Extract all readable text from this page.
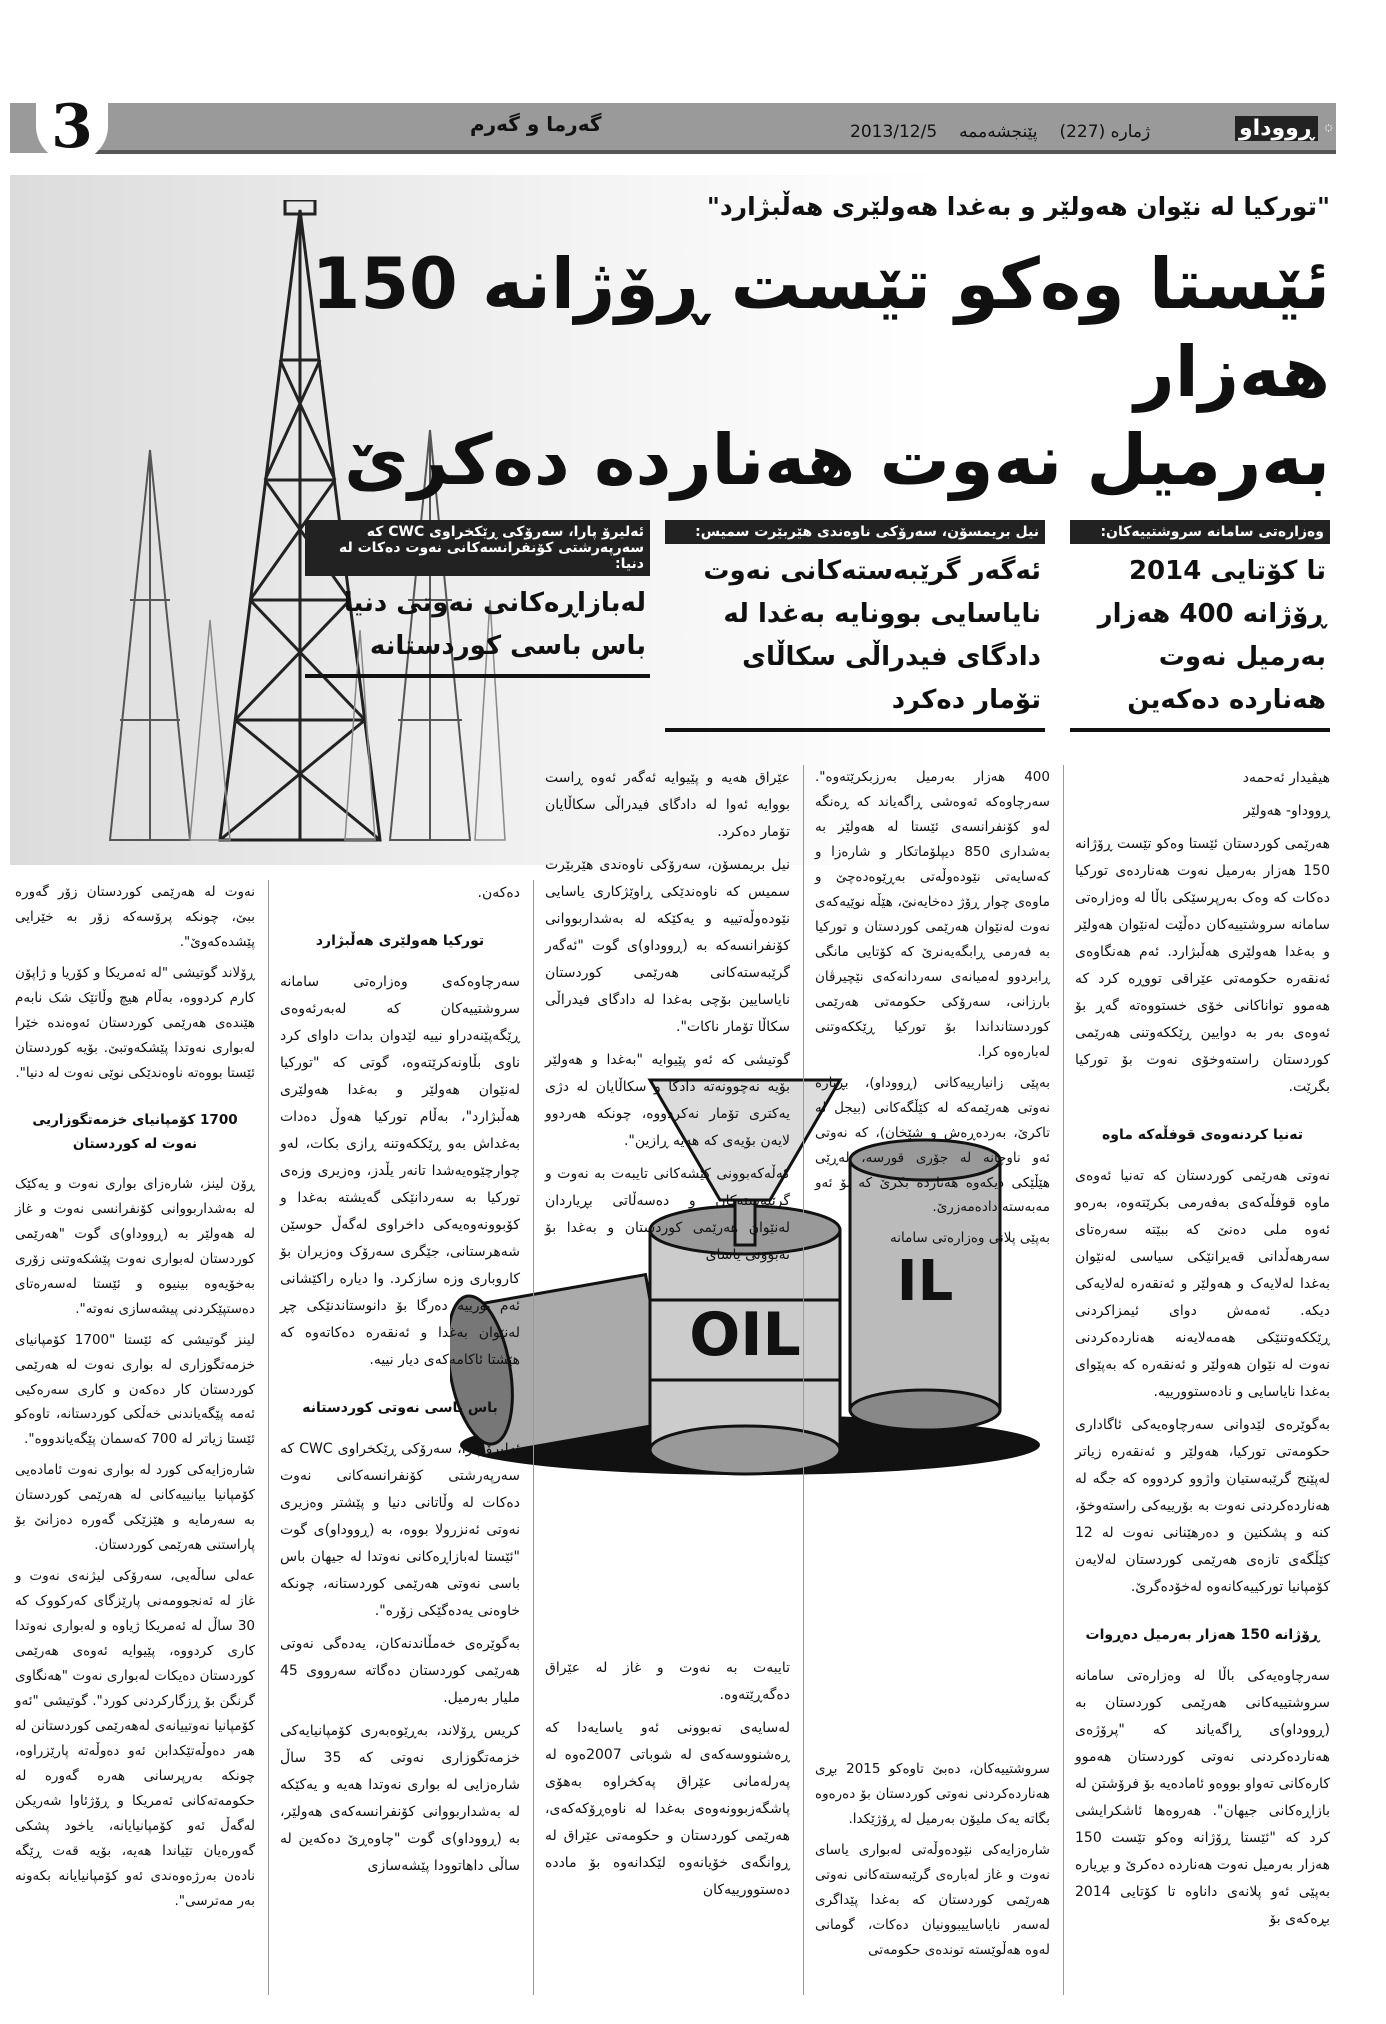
3	گەرما و گەرم	ژمارە (227)
پێنجشەممە
2013/12/5	ڕووداو
"تورکیا لە نێوان هەولێر و بەغدا هەولێری هەڵبژارد"
ئێستا وەکو تێست ڕۆژانە 150 هەزار
بەرمیل نەوت هەنارده دەکرێ
وەزارەتی سامانە سروشتییەکان:
تا کۆتایی 2014 ڕۆژانە 400 هەزار بەرمیل نەوت هەنارده دەکەین
نیل بریمسۆن، سەرۆکی ناوەندی هێربێرت سمیس:
ئەگەر گرێبەستەکانی نەوت نایاسایی بوونایە بەغدا لە دادگای فیدراڵی سکاڵای تۆمار دەکرد
ئەلیرۆ پارا، سەرۆکی ڕێکخراوی CWC کە سەرپەرشتی کۆنفرانسەکانی نەوت دەکات لە دنیا:
لەبازاڕەکانی نەوتی دنیا باس باسی کوردستانە
OIL
IL

هیڤیدار ئەحمەد

ڕووداو- هەولێر

هەرێمی کوردستان ئێستا وەکو تێست ڕۆژانە 150 هەزار بەرمیل نەوت هەنارده‌ی تورکیا دەکات کە وەک بەرپرسێکی باڵا لە وەزارەتی سامانە سروشتییەکان دەڵێت لەنێوان هەولێر و بەغدا هەولێری هەڵبژارد. ئەم هەنگاوەی ئەنقەرە حکومەتی عێراقی تووڕە کرد کە هەموو تواناکانی خۆی خستووەتە گەڕ بۆ ئەوەی بەر بە دوایین ڕێککەوتنی هەرێمی کوردستان راستەوخۆی نەوت بۆ تورکیا بگرێت.

تەنیا کردنەوەی قوفڵەکە ماوە

نەوتی هەرێمی کوردستان کە تەنیا ئەوەی ماوە قوفڵەکەی بەفەرمی بکرێتەوە، بەرەو ئەوە ملی دەنێ کە ببێتە سەرەتای سەرهەڵدانی قەیرانێکی سیاسی لەنێوان بەغدا لەلایەک و هەولێر و ئەنقەرە لەلایەکی دیکە. ئەمەش دوای ئیمزاکردنی ڕێککەوتنێکی هەمەلایەنە هەنارده‌کردنی نەوت لە نێوان هەولێر و ئەنقەرە کە بەپێوای بەغدا نایاسایی و نادەستوورییە.

بەگوێرەی لێدوانی سەرچاوەیەکی ئاگاداری حکومەتی تورکیا، هەولێر و ئەنقەرە زیاتر لەپێنج گرێبەستیان واژوو کردووە کە جگە لە هەنارده‌کردنی نەوت بە بۆرییەکی راستەوخۆ، کنە و پشکنین و دەرهێنانی نەوت لە 12 کێڵگەی تازەی هەرێمی کوردستان لەلایەن کۆمپانیا تورکییەکانەوە لەخۆدەگرێ.

ڕۆژانە 150 هەزار بەرمیل دەڕوات

سەرچاوەیەکی باڵا لە وەزارەتی سامانە سروشتییەکانی هەرێمی کوردستان بە (ڕووداو)ی ڕاگەیاند کە "پرۆژەی هەنارده‌کردنی نەوتی کوردستان هەموو کارەکانی تەواو بووەو ئامادەیە بۆ فرۆشتن لە بازاڕەکانی جیهان". هەروەها ئاشکرایشی کرد کە "ئێستا ڕۆژانە وەکو تێست 150 هەزار بەرمیل نەوت هەنارده دەکرێ و بڕیارە بەپێی ئەو پلانەی داناوە تا کۆتایی 2014 بڕەکەی بۆ

400 هەزار بەرمیل بەرزبکرێتەوە". سەرچاوەکە ئەوەشی ڕاگەیاند کە ڕەنگە لەو کۆنفرانسەی ئێستا لە هەولێر بە بەشداری 850 دیپلۆماتکار و شارەزا و کەسایەتی نێودەوڵەتی بەڕێوەدەچێ و ماوەی چوار ڕۆژ دەخایەنێ، هێڵە نوێیەکەی نەوت لەنێوان هەرێمی کوردستان و تورکیا بە فەرمی ڕابگەیەنرێ کە کۆتایی مانگی ڕابردوو لەمیانەی سەردانەکەی نێچیرڤان بارزانی، سەرۆکی حکومەتی هەرێمی کوردستانداندا بۆ تورکیا ڕێککەوتنی لەبارەوە کرا.

بەپێی زانیارییەکانی (ڕووداو)، بڕیارە نەوتی هەرێمەکە لە کێڵگەکانی (بیجل لە تاکرێ، بەردەڕەش و شێخان)، کە نەوتی ئەو ناوچانە لە جۆری قورسە، لەڕێی هێڵێکی دیکەوە هەنارده بکرێ کە بۆ ئەو مەبەستە دادەمەزرێ.

بەپێی پلانی وەزارەتی سامانە

سروشتییەکان، دەبێ تاوەکو 2015 بڕی هەنارده‌کردنی نەوتی کوردستان بۆ دەرەوە بگاتە یەک ملیۆن بەرمیل لە ڕۆژێکدا.

شارەزایەکی نێودەوڵەتی لەبواری یاسای نەوت و غاز لەبارەی گرێبەستەکانی نەوتی هەرێمی کوردستان کە بەغدا پێداگری لەسەر نایاساییبوونیان دەکات، گومانی لەوە هەڵوێستە توندەی حکومەتی

عێراق هەیە و پێیوایە ئەگەر ئەوە ڕاست بووایە ئەوا لە دادگای فیدراڵی سکاڵایان تۆمار دەکرد.

نیل بریمسۆن، سەرۆکی ناوەندی هێربێرت سمیس کە ناوەندێکی ڕاوێژکاری یاسایی نێودەوڵەتییە و یەکێکە لە بەشداربووانی کۆنفرانسەکە بە (ڕووداو)ی گوت "ئەگەر گرێبەستەکانی هەرێمی کوردستان نایاسایین بۆچی بەغدا لە دادگای فیدراڵی سکاڵا تۆمار ناکات".

گوتیشی کە ئەو پێیوایە "بەغدا و هەولێر بۆیە نەچوونەتە دادگا و سکاڵایان لە دژی یەکتری تۆمار نەکردووە، چونکە هەردوو لایەن بۆیەی کە هەیە ڕازین".

کەڵەکەبوونی کێشەکانی تایبەت بە نەوت و گرێبەستەکان و دەسەڵاتی بڕیاردان لەنێوان هەرێمی کوردستان و بەغدا بۆ نەبوونی یاسای

تایبەت بە نەوت و غاز لە عێراق دەگەڕێتەوە.

لەسایەی نەبوونی ئەو یاسایەدا کە ڕەشنووسەکەی لە شوباتی 2007ەوە لە پەرلەمانی عێراق پەکخراوە بەهۆی پاشگەزبوونەوەی بەغدا لە ناوەڕۆکەکەی، هەرێمی کوردستان و حکومەتی عێراق لە ڕوانگەی خۆیانەوە لێکدانەوە بۆ ماددە دەستوورییەکان

دەکەن.

تورکیا هەولێری هەڵبژارد

سەرچاوەکەی وەزارەتی سامانە سروشتییەکان کە لەبەرئەوەی ڕێگەپێنەدراو نییە لێدوان بدات داوای کرد ناوی بڵاونەکرێتەوە، گوتی کە "تورکیا لەنێوان هەولێر و بەغدا هەولێری هەڵبژارد"، بەڵام تورکیا هەوڵ دەدات بەغداش بەو ڕێککەوتنە ڕازی بکات، لەو چوارچێوەیەشدا تانەر یڵدز، وەزیری وزەی تورکیا بە سەردانێکی گەیشتە بەغدا و کۆبوونەوەیەکی داخراوی لەگەڵ حوسێن شەهرستانی، جێگری سەرۆک وەزیران بۆ کاروباری وزە سازکرد. وا دیارە راکێشانی ئەم بۆرییە دەرگا بۆ دانوستاندنێکی چڕ لەنێوان بەغدا و ئەنقەرە دەکاتەوە کە هێشتا ئاکامەکەی دیار نییە.

باس باسی نەوتی کوردستانە

ئەلیرۆ پارا، سەرۆکی ڕێکخراوی CWC کە سەرپەرشتی کۆنفرانسەکانی نەوت دەکات لە وڵاتانی دنیا و پێشتر وەزیری نەوتی ئەنزرولا بووە، بە (ڕووداو)ی گوت "ئێستا لەبازاڕەکانی نەوتدا لە جیهان باس باسی نەوتی هەرێمی کوردستانە، چونکە خاوەنی یەدەگێکی زۆرە".

بەگوێرەی خەمڵاندنەکان، یەدەگی نەوتی هەرێمی کوردستان دەگاتە سەرووی 45 ملیار بەرمیل.

کریس ڕۆلاند، بەڕێوەبەری کۆمپانیایەکی خزمەتگوزاری نەوتی کە 35 ساڵ شارەزایی لە بواری نەوتدا هەیە و یەکێکە لە بەشداربووانی کۆنفرانسەکەی هەولێر، بە (ڕووداو)ی گوت "چاوەڕێ دەکەین لە ساڵی داهاتوودا پێشەسازی

نەوت لە هەرێمی کوردستان زۆر گەورە ببێ، چونکە پرۆسەکە زۆر بە خێرایی پێشدەکەوێ".

ڕۆلاند گوتیشی "لە ئەمریکا و کۆریا و ژاپۆن کارم کردووە، بەڵام هیچ وڵاتێک شک نابەم هێندەی هەرێمی کوردستان ئەوەندە خێرا لەبواری نەوتدا پێشکەوتبێ. بۆیە کوردستان ئێستا بووەتە ناوەندێکی نوێی نەوت لە دنیا".

1700 کۆمپانیای خزمەتگوزاریی نەوت لە کوردستان

ڕۆن لینز، شارەزای بواری نەوت و یەکێک لە بەشداربووانی کۆنفرانسی نەوت و غاز لە هەولێر بە (ڕووداو)ی گوت "هەرێمی کوردستان لەبواری نەوت پێشکەوتنی زۆری بەخۆیەوە بینیوە و ئێستا لەسەرەتای دەستپێکردنی پیشەسازی نەوتە".

لینز گوتیشی کە ئێستا "1700 کۆمپانیای خزمەتگوزاری لە بواری نەوت لە هەرێمی کوردستان کار دەکەن و کاری سەرەکیی ئەمە پێگەیاندنی خەڵکی کوردستانە، تاوەکو ئێستا زیاتر لە 700 کەسمان پێگەیاندووە".

شارەزایەکی کورد لە بواری نەوت ئامادەیی کۆمپانیا بیانییەکانی لە هەرێمی کوردستان بە سەرمایە و هێزێکی گەورە دەزانێ بۆ پاراستنی هەرێمی کوردستان.

عەلی ساڵەیی، سەرۆکی لیژنەی نەوت و غاز لە ئەنجوومەنی پارێزگای کەرکووک کە 30 ساڵ لە ئەمریکا ژیاوە و لەبواری نەوتدا کاری کردووە، پێیوایە ئەوەی هەرێمی کوردستان دەیکات لەبواری نەوت "هەنگاوی گرنگن بۆ ڕزگارکردنی کورد". گوتیشی "ئەو کۆمپانیا نەوتییانەی لەهەرێمی کوردستانن لە هەر دەوڵەتێکدابن ئەو دەوڵەتە پارێزراوە، چونکە بەرپرسانی هەرە گەورە لە حکومەتەکانی ئەمریکا و ڕۆژئاوا شەریکن لەگەڵ ئەو کۆمپانیایانە، یاخود پشکی گەورەیان تێیاندا هەیە، بۆیە قەت ڕێگە نادەن بەرژەوەندی ئەو کۆمپانیایانە بکەونە بەر مەترسی".
